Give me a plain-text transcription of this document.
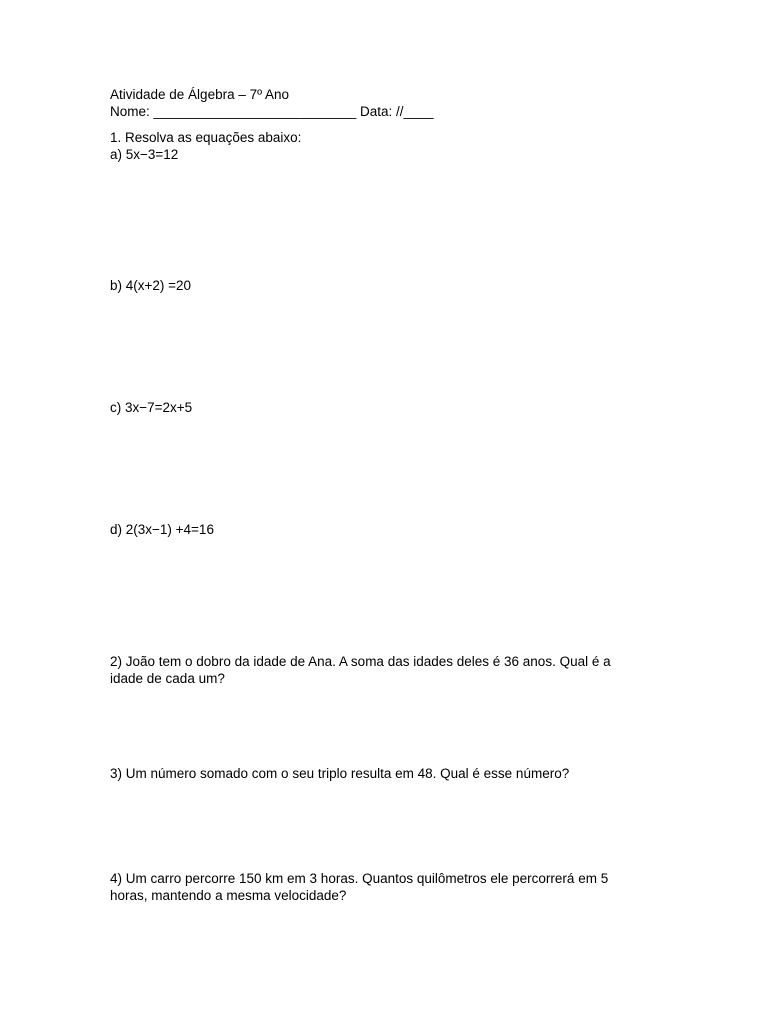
Atividade de Álgebra – 7º Ano
Nome: ___________________________ Data: //____
1. Resolva as equações abaixo:
a) 5x−3=12
b) 4(x+2) =20
c) 3x−7=2x+5
d) 2(3x−1) +4=16
2) João tem o dobro da idade de Ana. A soma das idades deles é 36 anos. Qual é a
idade de cada um?
3) Um número somado com o seu triplo resulta em 48. Qual é esse número?
4) Um carro percorre 150 km em 3 horas. Quantos quilômetros ele percorrerá em 5
horas, mantendo a mesma velocidade?
